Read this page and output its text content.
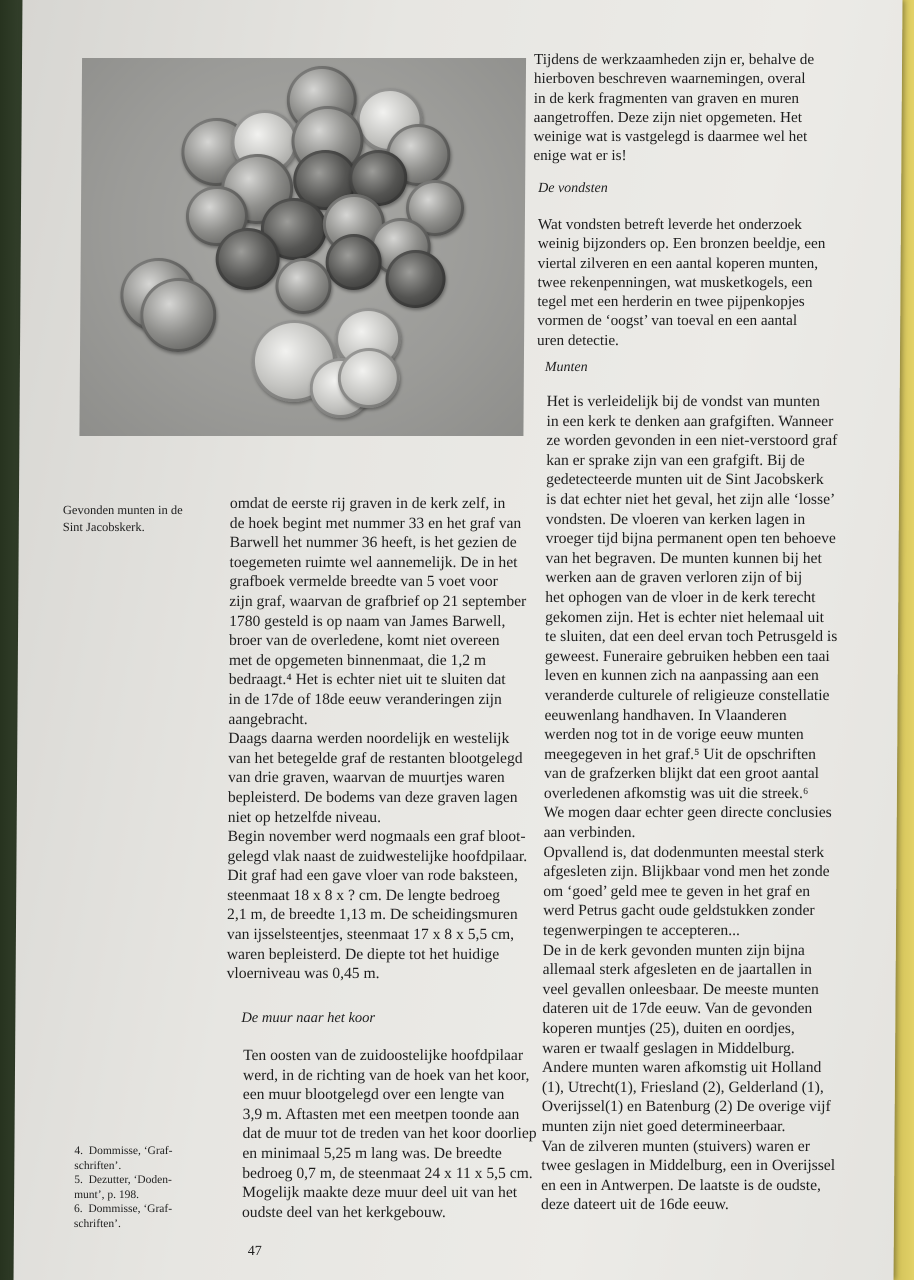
Tijdens de werkzaamheden zijn er, behalve de
hierboven beschreven waarnemingen, overal
in de kerk fragmenten van graven en muren
aangetroffen. Deze zijn niet opgemeten. Het
weinige wat is vastgelegd is daarmee wel het
enige wat er is!
De vondsten
Wat vondsten betreft leverde het onderzoek
weinig bijzonders op. Een bronzen beeldje, een
viertal zilveren en een aantal koperen munten,
twee rekenpenningen, wat musketkogels, een
tegel met een herderin en twee pijpenkopjes
vormen de ‘oogst’ van toeval en een aantal
uren detectie.
Munten
Het is verleidelijk bij de vondst van munten
in een kerk te denken aan grafgiften. Wanneer
ze worden gevonden in een niet-verstoord graf
kan er sprake zijn van een grafgift. Bij de
gedetecteerde munten uit de Sint Jacobskerk
is dat echter niet het geval, het zijn alle ‘losse’
vondsten. De vloeren van kerken lagen in
vroeger tijd bijna permanent open ten behoeve
van het begraven. De munten kunnen bij het
werken aan de graven verloren zijn of bij
het ophogen van de vloer in de kerk terecht
gekomen zijn. Het is echter niet helemaal uit
te sluiten, dat een deel ervan toch Petrusgeld is
geweest. Funeraire gebruiken hebben een taai
leven en kunnen zich na aanpassing aan een
veranderde culturele of religieuze constellatie
eeuwenlang handhaven. In Vlaanderen
werden nog tot in de vorige eeuw munten
meegegeven in het graf.⁵ Uit de opschriften
van de grafzerken blijkt dat een groot aantal
overledenen afkomstig was uit die streek.⁶
We mogen daar echter geen directe conclusies
aan verbinden.
Opvallend is, dat dodenmunten meestal sterk
afgesleten zijn. Blijkbaar vond men het zonde
om ‘goed’ geld mee te geven in het graf en
werd Petrus gacht oude geldstukken zonder
tegenwerpingen te accepteren...
De in de kerk gevonden munten zijn bijna
allemaal sterk afgesleten en de jaartallen in
veel gevallen onleesbaar. De meeste munten
dateren uit de 17de eeuw. Van de gevonden
koperen muntjes (25), duiten en oordjes,
waren er twaalf geslagen in Middelburg.
Andere munten waren afkomstig uit Holland
(1), Utrecht(1), Friesland (2), Gelderland (1),
Overijssel(1) en Batenburg (2) De overige vijf
munten zijn niet goed determineerbaar.
Van de zilveren munten (stuivers) waren er
twee geslagen in Middelburg, een in Overijssel
en een in Antwerpen. De laatste is de oudste,
deze dateert uit de 16de eeuw.
Gevonden munten in de
Sint Jacobskerk.
omdat de eerste rij graven in de kerk zelf, in
de hoek begint met nummer 33 en het graf van
Barwell het nummer 36 heeft, is het gezien de
toegemeten ruimte wel aannemelijk. De in het
grafboek vermelde breedte van 5 voet voor
zijn graf, waarvan de grafbrief op 21 september
1780 gesteld is op naam van James Barwell,
broer van de overledene, komt niet overeen
met de opgemeten binnenmaat, die 1,2 m
bedraagt.⁴ Het is echter niet uit te sluiten dat
in de 17de of 18de eeuw veranderingen zijn
aangebracht.
Daags daarna werden noordelijk en westelijk
van het betegelde graf de restanten blootgelegd
van drie graven, waarvan de muurtjes waren
bepleisterd. De bodems van deze graven lagen
niet op hetzelfde niveau.
Begin november werd nogmaals een graf bloot-
gelegd vlak naast de zuidwestelijke hoofdpilaar.
Dit graf had een gave vloer van rode baksteen,
steenmaat 18 x 8 x ? cm. De lengte bedroeg
2,1 m, de breedte 1,13 m. De scheidingsmuren
van ijsselsteentjes, steenmaat 17 x 8 x 5,5 cm,
waren bepleisterd. De diepte tot het huidige
vloerniveau was 0,45 m.
De muur naar het koor
Ten oosten van de zuidoostelijke hoofdpilaar
werd, in de richting van de hoek van het koor,
een muur blootgelegd over een lengte van
3,9 m. Aftasten met een meetpen toonde aan
dat de muur tot de treden van het koor doorliep
en minimaal 5,25 m lang was. De breedte
bedroeg 0,7 m, de steenmaat 24 x 11 x 5,5 cm.
Mogelijk maakte deze muur deel uit van het
oudste deel van het kerkgebouw.
4. Dommisse, ‘Graf-
schriften’.
5. Dezutter, ‘Doden-
munt’, p. 198.
6. Dommisse, ‘Graf-
schriften’.
47
